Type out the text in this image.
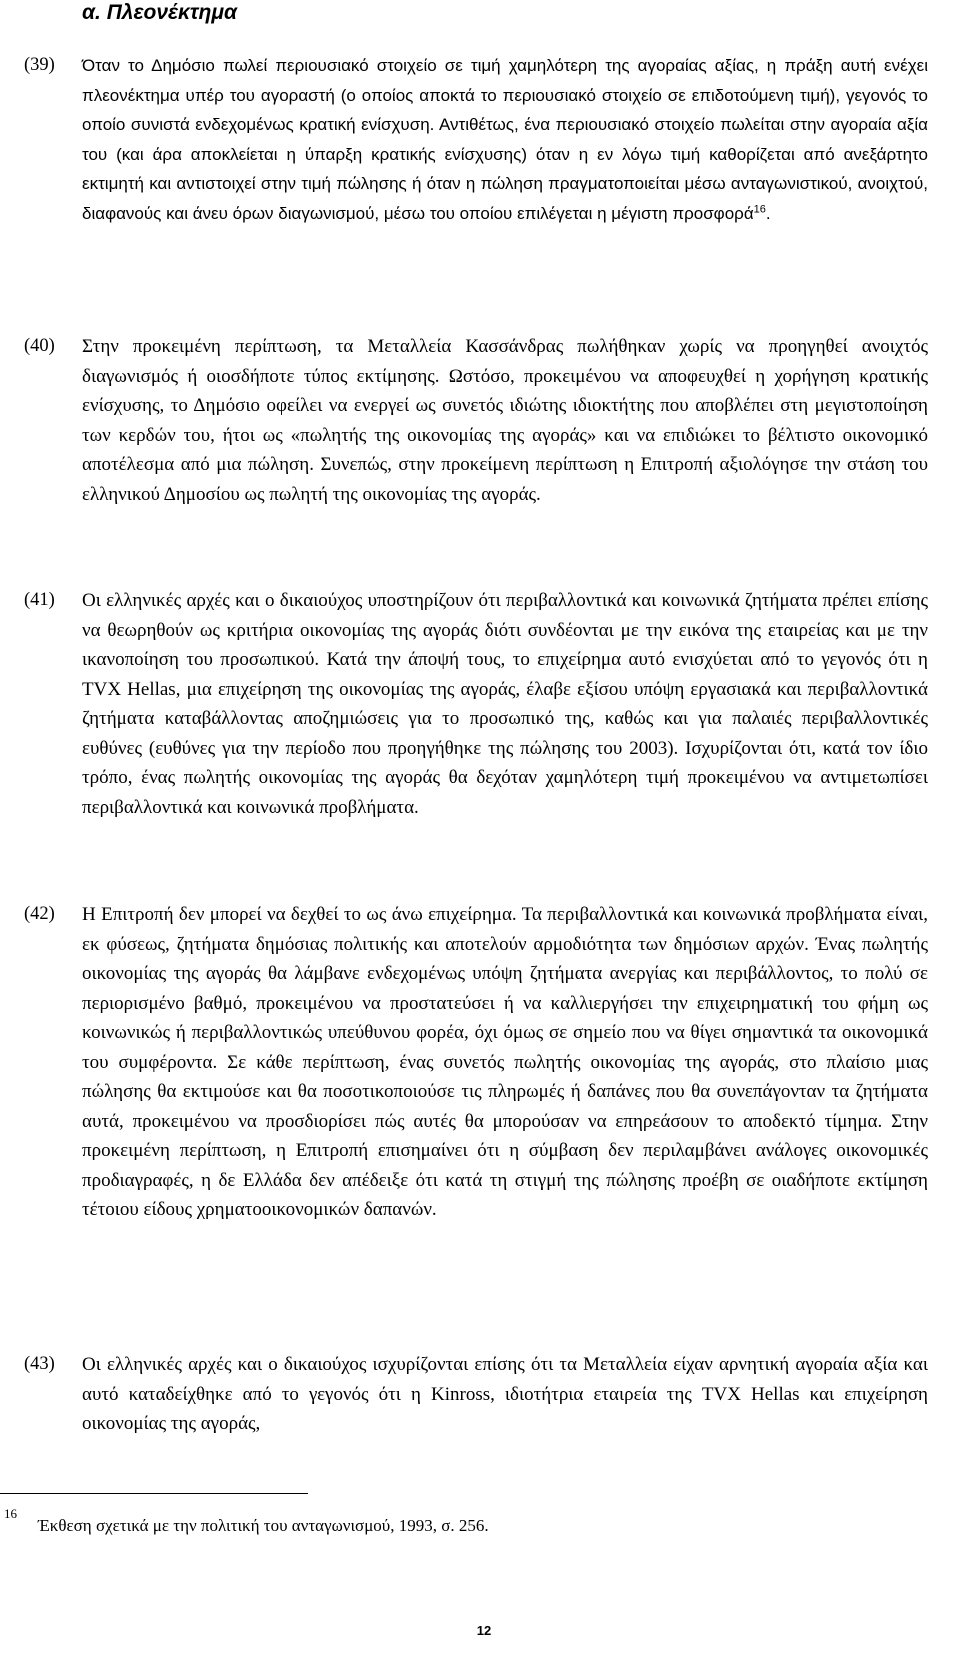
α. Πλεονέκτημα
(39) Όταν το Δημόσιο πωλεί περιουσιακό στοιχείο σε τιμή χαμηλότερη της αγοραίας αξίας, η πράξη αυτή ενέχει πλεονέκτημα υπέρ του αγοραστή (ο οποίος αποκτά το περιουσιακό στοιχείο σε επιδοτούμενη τιμή), γεγονός το οποίο συνιστά ενδεχομένως κρατική ενίσχυση. Αντιθέτως, ένα περιουσιακό στοιχείο πωλείται στην αγοραία αξία του (και άρα αποκλείεται η ύπαρξη κρατικής ενίσχυσης) όταν η εν λόγω τιμή καθορίζεται από ανεξάρτητο εκτιμητή και αντιστοιχεί στην τιμή πώλησης ή όταν η πώληση πραγματοποιείται μέσω ανταγωνιστικού, ανοιχτού, διαφανούς και άνευ όρων διαγωνισμού, μέσω του οποίου επιλέγεται η μέγιστη προσφορά$^{16}$.
(40) Στην προκειμένη περίπτωση, τα Μεταλλεία Κασσάνδρας πωλήθηκαν χωρίς να προηγηθεί ανοιχτός διαγωνισμός ή οιοσδήποτε τύπος εκτίμησης. Ωστόσο, προκειμένου να αποφευχθεί η χορήγηση κρατικής ενίσχυσης, το Δημόσιο οφείλει να ενεργεί ως συνετός ιδιώτης ιδιοκτήτης που αποβλέπει στη μεγιστοποίηση των κερδών του, ήτοι ως «πωλητής της οικονομίας της αγοράς» και να επιδιώκει το βέλτιστο οικονομικό αποτέλεσμα από μια πώληση. Συνεπώς, στην προκείμενη περίπτωση η Επιτροπή αξιολόγησε την στάση του ελληνικού Δημοσίου ως πωλητή της οικονομίας της αγοράς.
(41) Οι ελληνικές αρχές και ο δικαιούχος υποστηρίζουν ότι περιβαλλοντικά και κοινωνικά ζητήματα πρέπει επίσης να θεωρηθούν ως κριτήρια οικονομίας της αγοράς διότι συνδέονται με την εικόνα της εταιρείας και με την ικανοποίηση του προσωπικού. Κατά την άποψή τους, το επιχείρημα αυτό ενισχύεται από το γεγονός ότι η TVX Hellas, μια επιχείρηση της οικονομίας της αγοράς, έλαβε εξίσου υπόψη εργασιακά και περιβαλλοντικά ζητήματα καταβάλλοντας αποζημιώσεις για το προσωπικό της, καθώς και για παλαιές περιβαλλοντικές ευθύνες (ευθύνες για την περίοδο που προηγήθηκε της πώλησης του 2003). Ισχυρίζονται ότι, κατά τον ίδιο τρόπο, ένας πωλητής οικονομίας της αγοράς θα δεχόταν χαμηλότερη τιμή προκειμένου να αντιμετωπίσει περιβαλλοντικά και κοινωνικά προβλήματα.
(42) Η Επιτροπή δεν μπορεί να δεχθεί το ως άνω επιχείρημα. Τα περιβαλλοντικά και κοινωνικά προβλήματα είναι, εκ φύσεως, ζητήματα δημόσιας πολιτικής και αποτελούν αρμοδιότητα των δημόσιων αρχών. Ένας πωλητής οικονομίας της αγοράς θα λάμβανε ενδεχομένως υπόψη ζητήματα ανεργίας και περιβάλλοντος, το πολύ σε περιορισμένο βαθμό, προκειμένου να προστατεύσει ή να καλλιεργήσει την επιχειρηματική του φήμη ως κοινωνικώς ή περιβαλλοντικώς υπεύθυνου φορέα, όχι όμως σε σημείο που να θίγει σημαντικά τα οικονομικά του συμφέροντα. Σε κάθε περίπτωση, ένας συνετός πωλητής οικονομίας της αγοράς, στο πλαίσιο μιας πώλησης θα εκτιμούσε και θα ποσοτικοποιούσε τις πληρωμές ή δαπάνες που θα συνεπάγονταν τα ζητήματα αυτά, προκειμένου να προσδιορίσει πώς αυτές θα μπορούσαν να επηρεάσουν το αποδεκτό τίμημα. Στην προκειμένη περίπτωση, η Επιτροπή επισημαίνει ότι η σύμβαση δεν περιλαμβάνει ανάλογες οικονομικές προδιαγραφές, η δε Ελλάδα δεν απέδειξε ότι κατά τη στιγμή της πώλησης προέβη σε οιαδήποτε εκτίμηση τέτοιου είδους χρηματοοικονομικών δαπανών.
(43) Οι ελληνικές αρχές και ο δικαιούχος ισχυρίζονται επίσης ότι τα Μεταλλεία είχαν αρνητική αγοραία αξία και αυτό καταδείχθηκε από το γεγονός ότι η Kinross, ιδιοτήτρια εταιρεία της TVX Hellas και επιχείρηση οικονομίας της αγοράς,
16
Έκθεση σχετικά με την πολιτική του ανταγωνισμού, 1993, σ. 256.
12
